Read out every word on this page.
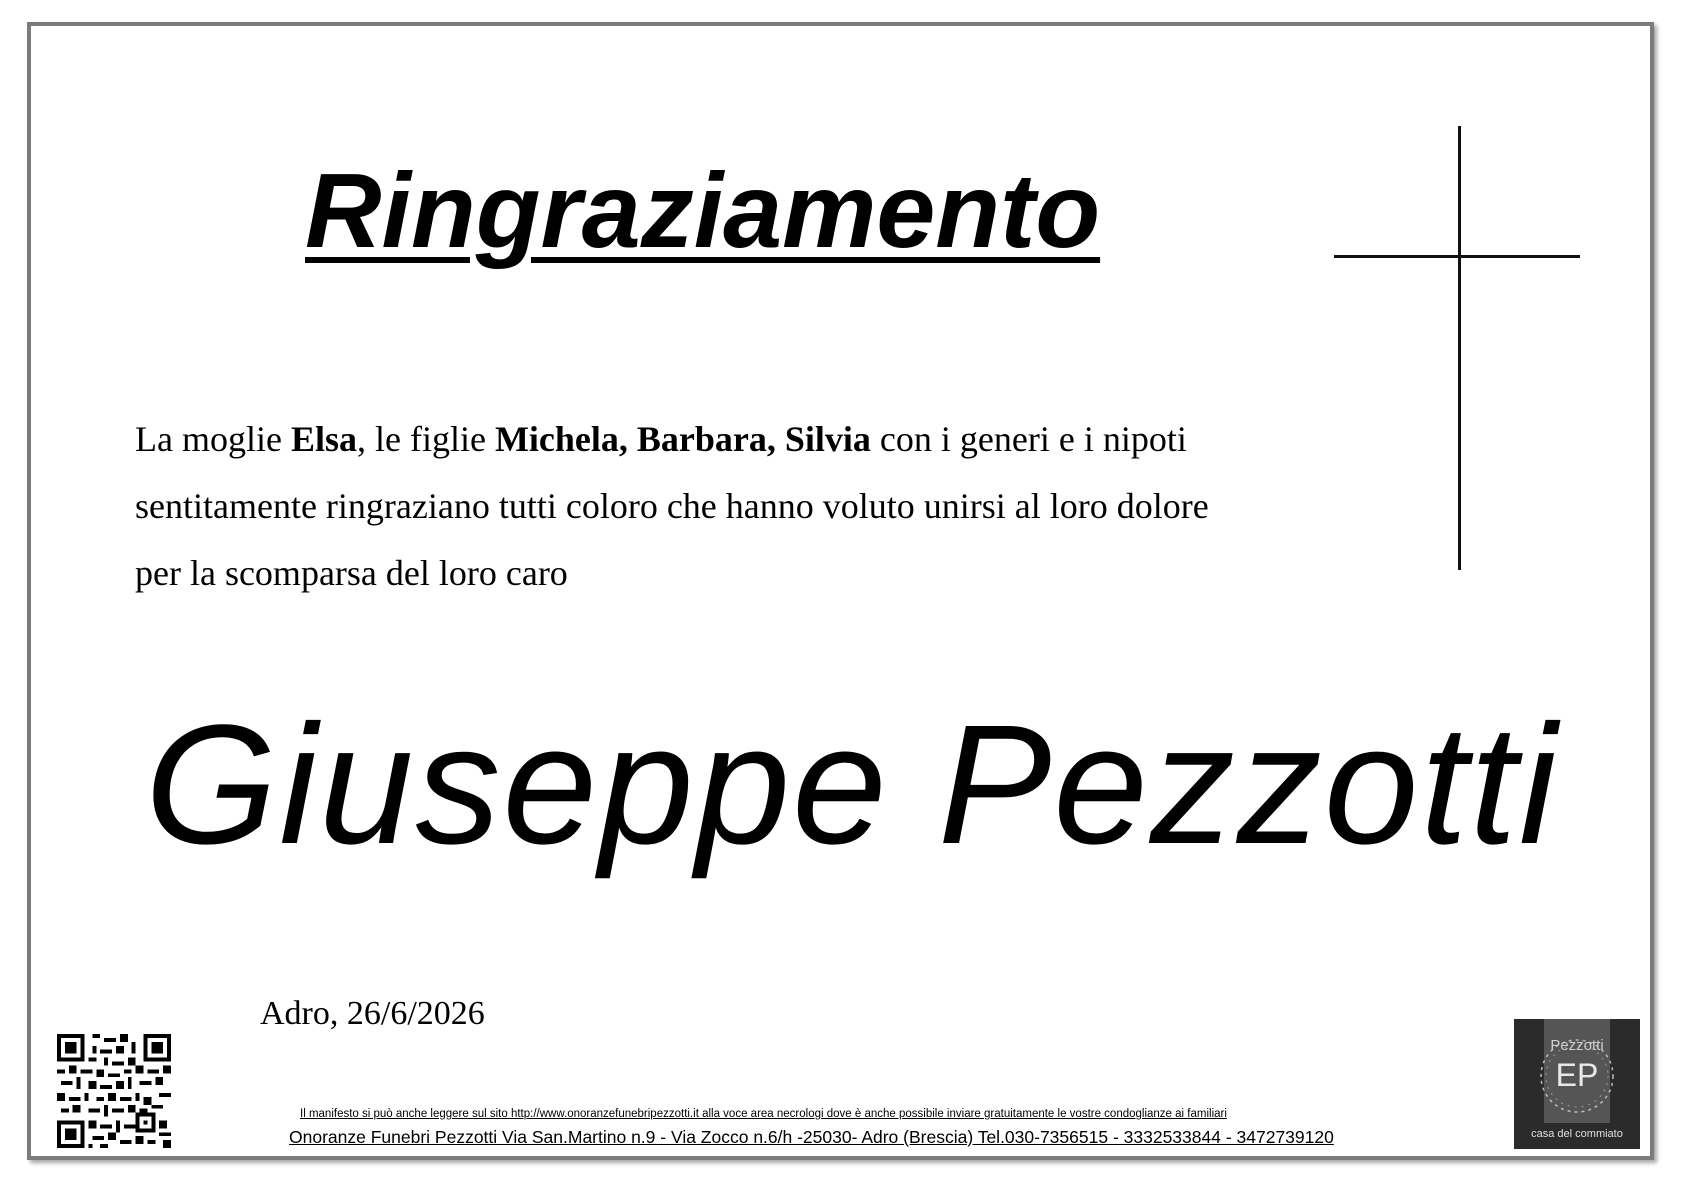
Ringraziamento
La moglie Elsa, le figlie Michela, Barbara, Silvia con i generi e i nipoti
sentitamente ringraziano tutti coloro che hanno voluto unirsi al loro dolore
per la scomparsa del loro caro
Giuseppe Pezzotti
Adro, 26/6/2026
Il manifesto si può anche leggere sul sito http://www.onoranzefunebripezzotti.it alla voce area necrologi dove è anche possibile inviare gratuitamente le vostre condoglianze ai familiari
Onoranze Funebri Pezzotti Via San.Martino n.9 - Via Zocco n.6/h -25030- Adro (Brescia) Tel.030-7356515 - 3332533844 - 3472739120
Pezzotti
EP
casa del commiato
